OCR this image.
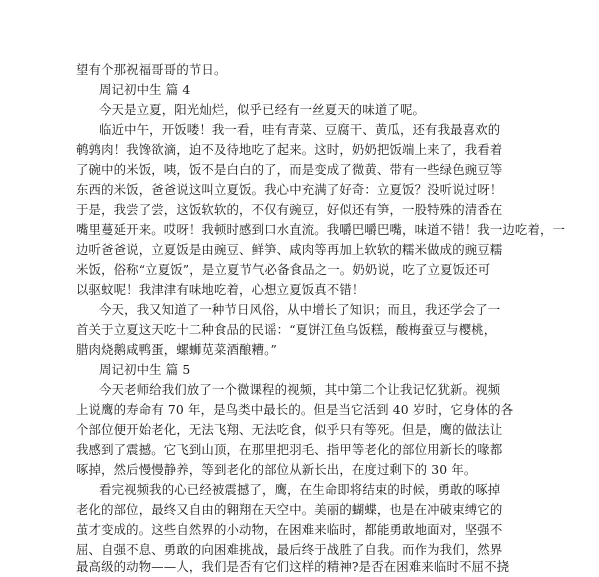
望有个那祝福哥哥的节日。
周记初中生 篇 4
今天是立夏，阳光灿烂，似乎已经有一丝夏天的味道了呢。
临近中午，开饭喽！我一看，哇有青菜、豆腐干、黄瓜，还有我最喜欢的
鹌鹑肉！我馋欲滴，迫不及待地吃了起来。这时，奶奶把饭端上来了，我看着
了碗中的米饭，咦，饭不是白白的了，而是变成了微黄、带有一些绿色豌豆等
东西的米饭，爸爸说这叫立夏饭。我心中充满了好奇：立夏饭？没听说过呀！
于是，我尝了尝，这饭软软的，不仅有豌豆，好似还有笋，一股特殊的清香在
嘴里蔓延开来。哎呀！我顿时感到口水直流。我嚼巴嚼巴嘴，味道不错！我一边吃着，一
边听爸爸说，立夏饭是由豌豆、鲜笋、咸肉等再加上软软的糯米做成的豌豆糯
米饭，俗称“立夏饭”，是立夏节气必备食品之一。奶奶说，吃了立夏饭还可
以驱蚊呢！我津津有味地吃着，心想立夏饭真不错！
今天，我又知道了一种节日风俗，从中增长了知识；而且，我还学会了一
首关于立夏这天吃十二种食品的民谣：“夏饼江鱼乌饭糕，酸梅蚕豆与樱桃，
腊肉烧鹅咸鸭蛋，螺蛳苋菜酒酿糟。”
周记初中生 篇 5
今天老师给我们放了一个微课程的视频，其中第二个让我记忆犹新。视频
上说鹰的寿命有 70 年，是鸟类中最长的。但是当它活到 40 岁时，它身体的各
个部位便开始老化，无法飞翔、无法吃食，似乎只有等死。但是，鹰的做法让
我感到了震撼。它飞到山顶，在那里把羽毛、指甲等老化的部位用新长的喙都
啄掉，然后慢慢静养，等到老化的部位从新长出，在度过剩下的 30 年。
看完视频我的心已经被震撼了，鹰，在生命即将结束的时候，勇敢的啄掉
老化的部位，最终又自由的翱翔在天空中。美丽的蝴蝶，也是在冲破束缚它的
茧才变成的。这些自然界的小动物，在困难来临时，都能勇敢地面对，坚强不
屈、自强不息、勇敢的向困难挑战，最后终于战胜了自我。而作为我们，然界
最高级的动物——人，我们是否有它们这样的精神?是否在困难来临时不屈不挠
